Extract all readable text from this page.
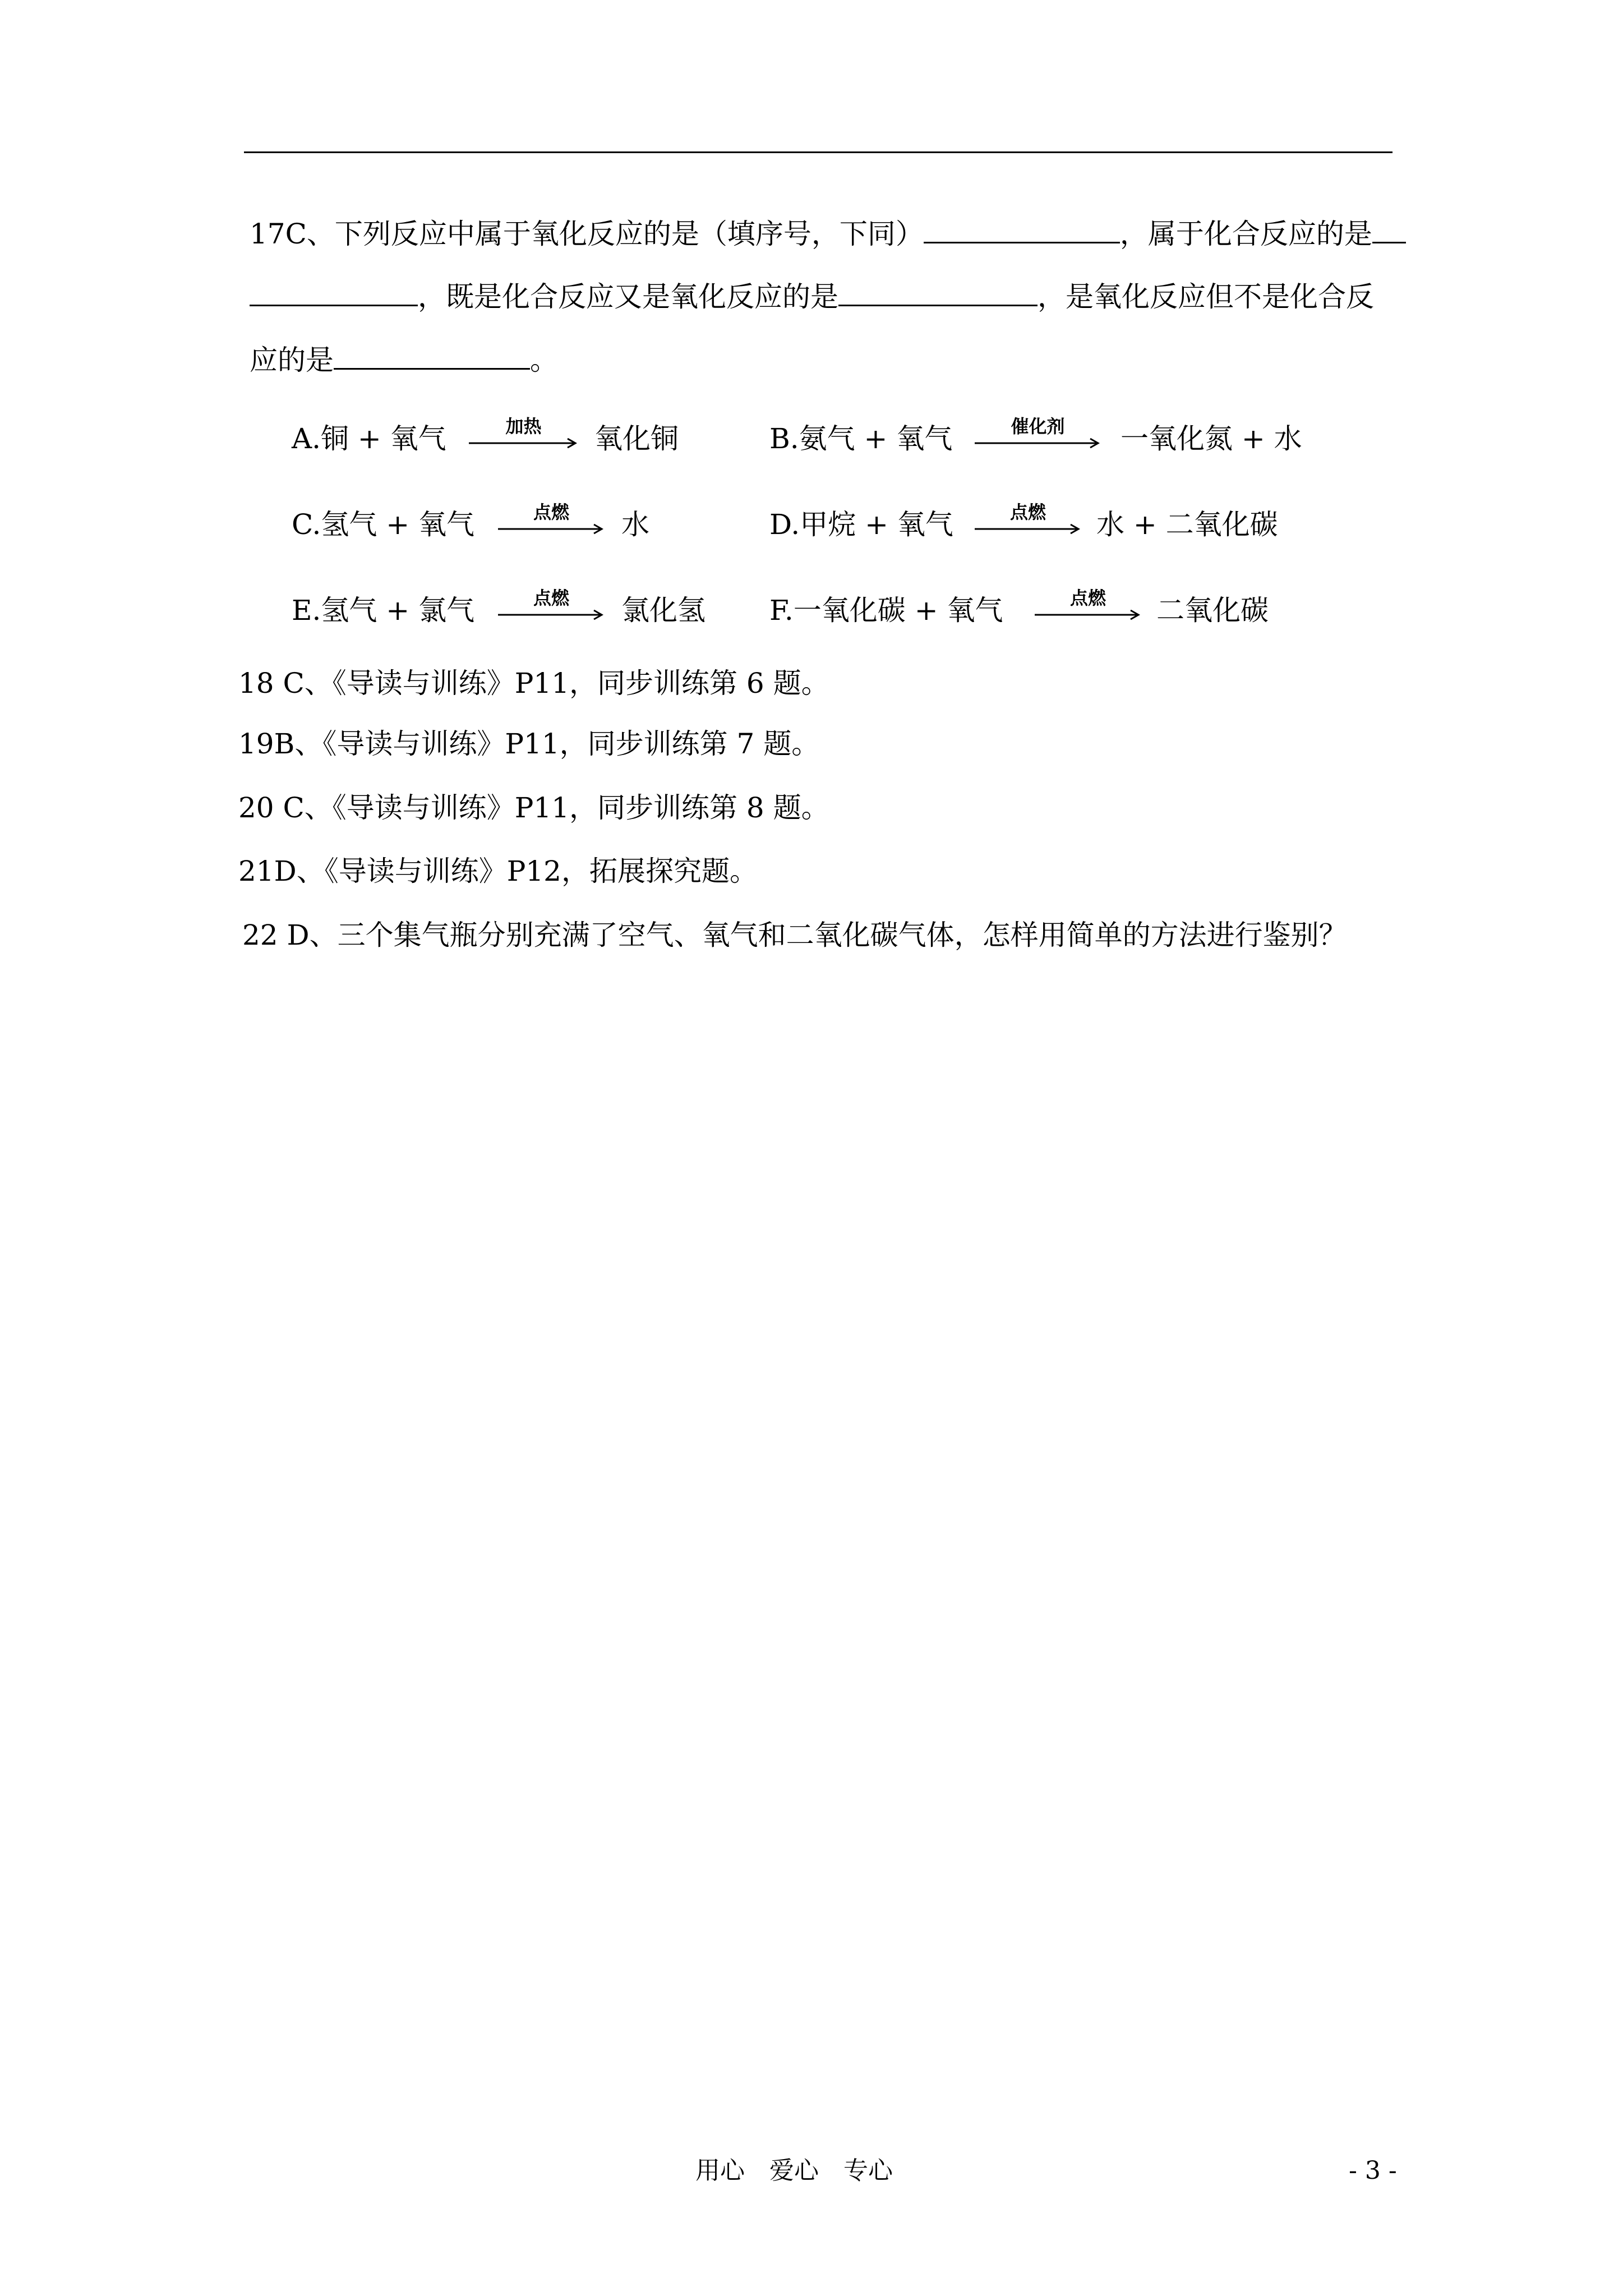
17C、下列反应中属于氧化反应的是（填序号，下同）	，属于化合反应的是
，既是化合反应又是氧化反应的是	，是氧化反应但不是化合反
应的是	。
A.铜 + 氧气	加热	氧化铜	B.氨气 + 氧气	催化剂	一氧化氮 + 水
C.氢气 + 氧气	点燃	水	D.甲烷 + 氧气	点燃	水 + 二氧化碳
E.氢气 + 氯气	点燃	氯化氢 F.一氧化碳 + 氧气	点燃	二氧化碳
18 C、《导读与训练》P11，同步训练第 6 题。
19B、《导读与训练》P11，同步训练第 7 题。
20 C、《导读与训练》P11，同步训练第 8 题。
21D、《导读与训练》P12，拓展探究题。
22 D、三个集气瓶分别充满了空气、氧气和二氧化碳气体，怎样用简单的方法进行鉴别？
用心　爱心　专心	- 3 -
